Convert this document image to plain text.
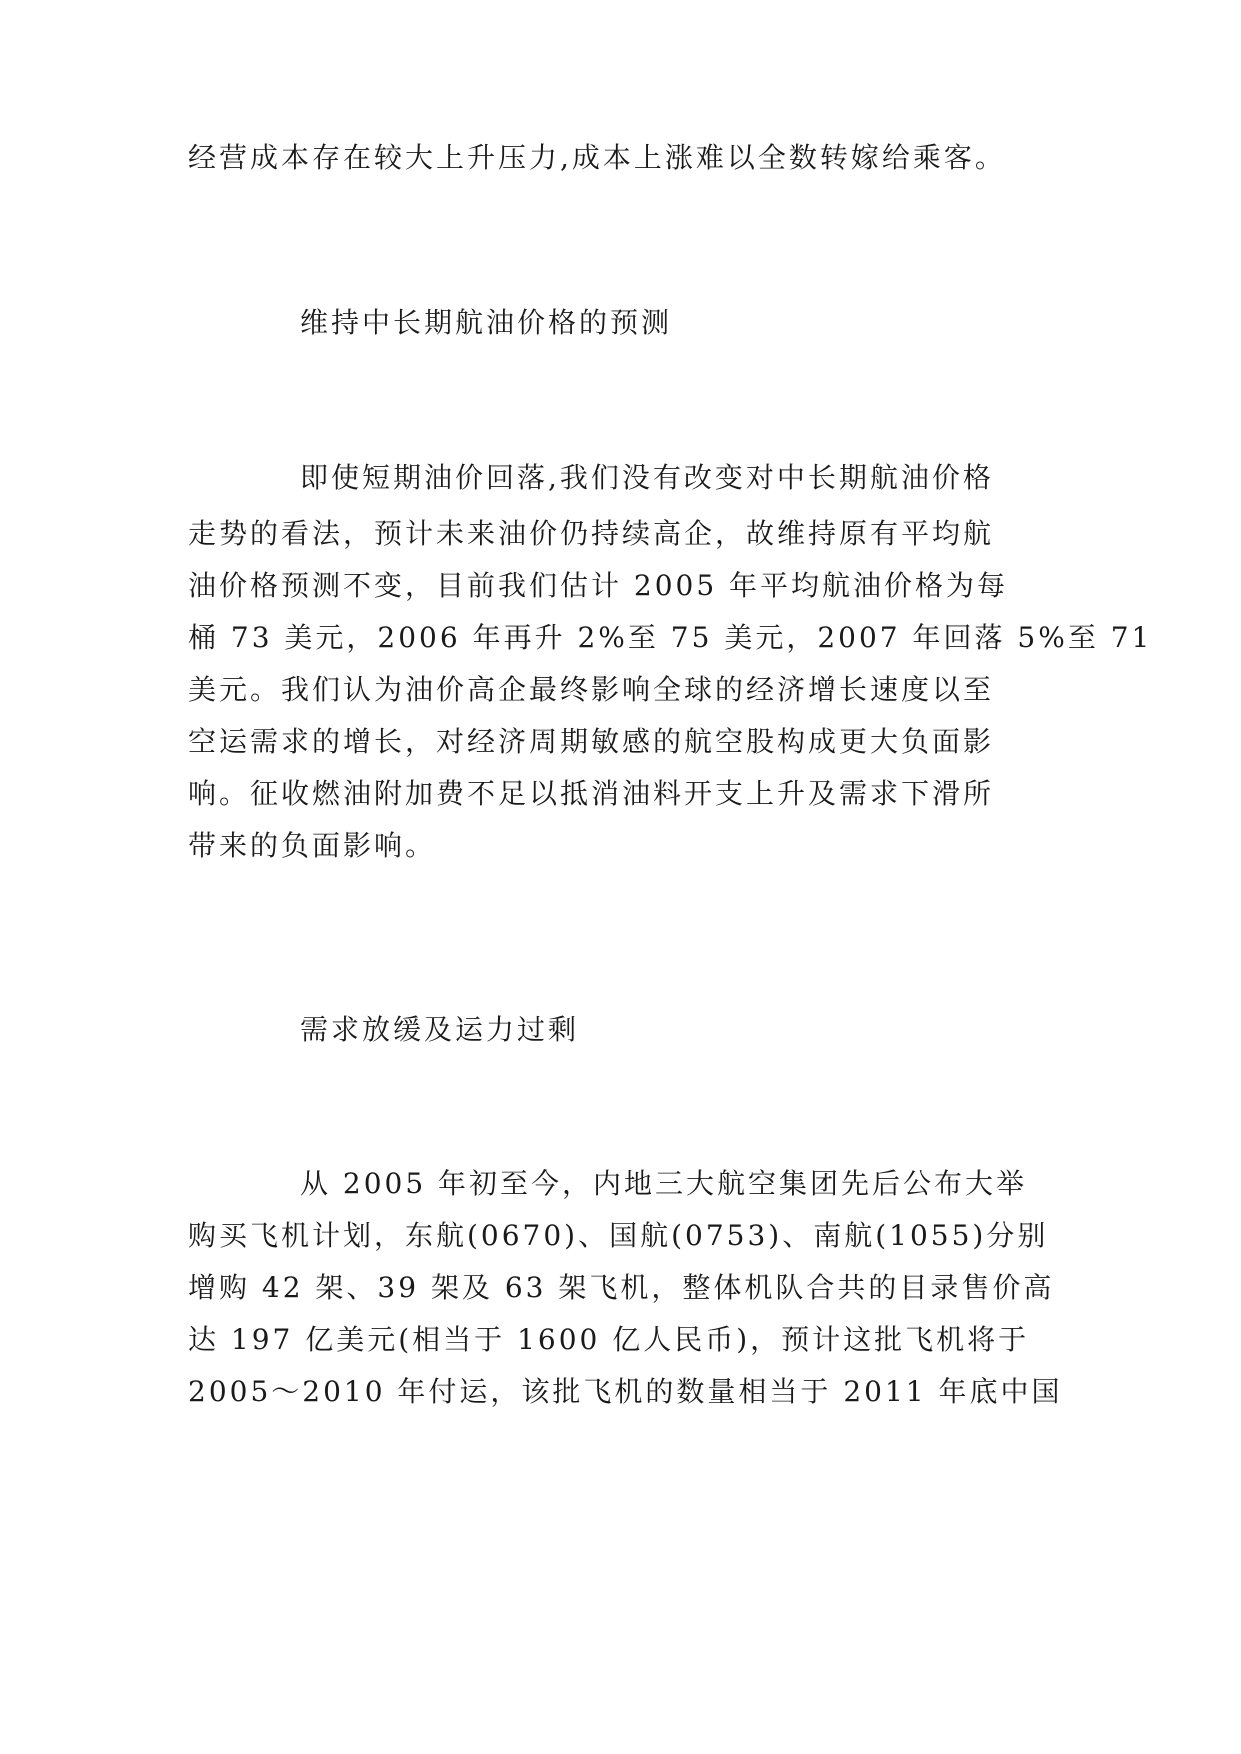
经营成本存在较大上升压力,成本上涨难以全数转嫁给乘客。
维持中长期航油价格的预测
即使短期油价回落,我们没有改变对中长期航油价格
走势的看法，预计未来油价仍持续高企，故维持原有平均航
油价格预测不变，目前我们估计 2005 年平均航油价格为每
桶 73 美元，2006 年再升 2%至 75 美元，2007 年回落 5%至 71
美元。我们认为油价高企最终影响全球的经济增长速度以至
空运需求的增长，对经济周期敏感的航空股构成更大负面影
响。征收燃油附加费不足以抵消油料开支上升及需求下滑所
带来的负面影响。
需求放缓及运力过剩
从 2005 年初至今，内地三大航空集团先后公布大举
购买飞机计划，东航(0670)、国航(0753)、南航(1055)分别
增购 42 架、39 架及 63 架飞机，整体机队合共的目录售价高
达 197 亿美元(相当于 1600 亿人民币)，预计这批飞机将于
2005～2010 年付运，该批飞机的数量相当于 2011 年底中国
